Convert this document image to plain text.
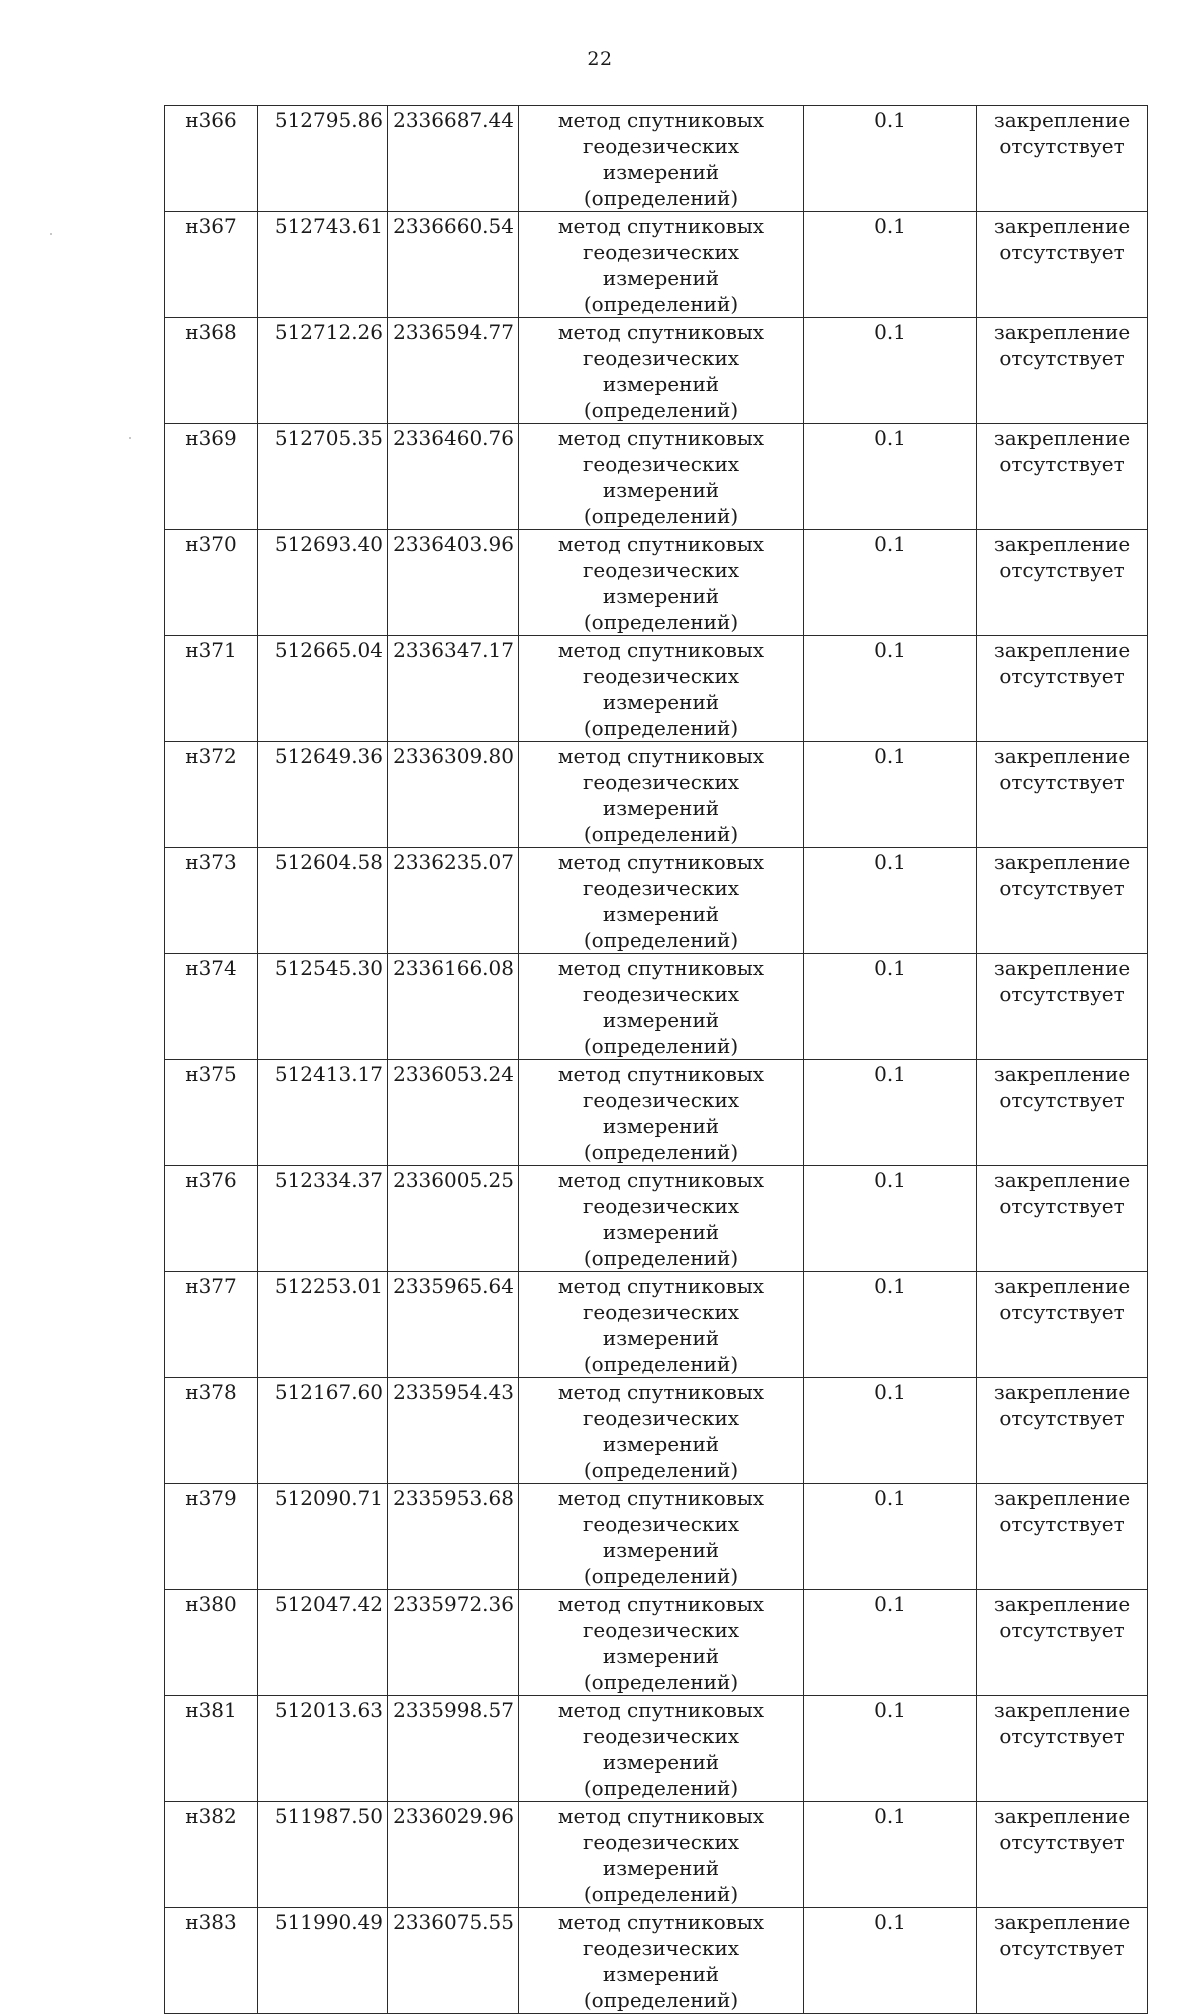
22
н366	512795.86	2336687.44	метод спутниковых геодезических измерений (определений)	0.1	закрепление отсутствует
н367	512743.61	2336660.54	метод спутниковых геодезических измерений (определений)	0.1	закрепление отсутствует
н368	512712.26	2336594.77	метод спутниковых геодезических измерений (определений)	0.1	закрепление отсутствует
н369	512705.35	2336460.76	метод спутниковых геодезических измерений (определений)	0.1	закрепление отсутствует
н370	512693.40	2336403.96	метод спутниковых геодезических измерений (определений)	0.1	закрепление отсутствует
н371	512665.04	2336347.17	метод спутниковых геодезических измерений (определений)	0.1	закрепление отсутствует
н372	512649.36	2336309.80	метод спутниковых геодезических измерений (определений)	0.1	закрепление отсутствует
н373	512604.58	2336235.07	метод спутниковых геодезических измерений (определений)	0.1	закрепление отсутствует
н374	512545.30	2336166.08	метод спутниковых геодезических измерений (определений)	0.1	закрепление отсутствует
н375	512413.17	2336053.24	метод спутниковых геодезических измерений (определений)	0.1	закрепление отсутствует
н376	512334.37	2336005.25	метод спутниковых геодезических измерений (определений)	0.1	закрепление отсутствует
н377	512253.01	2335965.64	метод спутниковых геодезических измерений (определений)	0.1	закрепление отсутствует
н378	512167.60	2335954.43	метод спутниковых геодезических измерений (определений)	0.1	закрепление отсутствует
н379	512090.71	2335953.68	метод спутниковых геодезических измерений (определений)	0.1	закрепление отсутствует
н380	512047.42	2335972.36	метод спутниковых геодезических измерений (определений)	0.1	закрепление отсутствует
н381	512013.63	2335998.57	метод спутниковых геодезических измерений (определений)	0.1	закрепление отсутствует
н382	511987.50	2336029.96	метод спутниковых геодезических измерений (определений)	0.1	закрепление отсутствует
н383	511990.49	2336075.55	метод спутниковых геодезических измерений (определений)	0.1	закрепление отсутствует
